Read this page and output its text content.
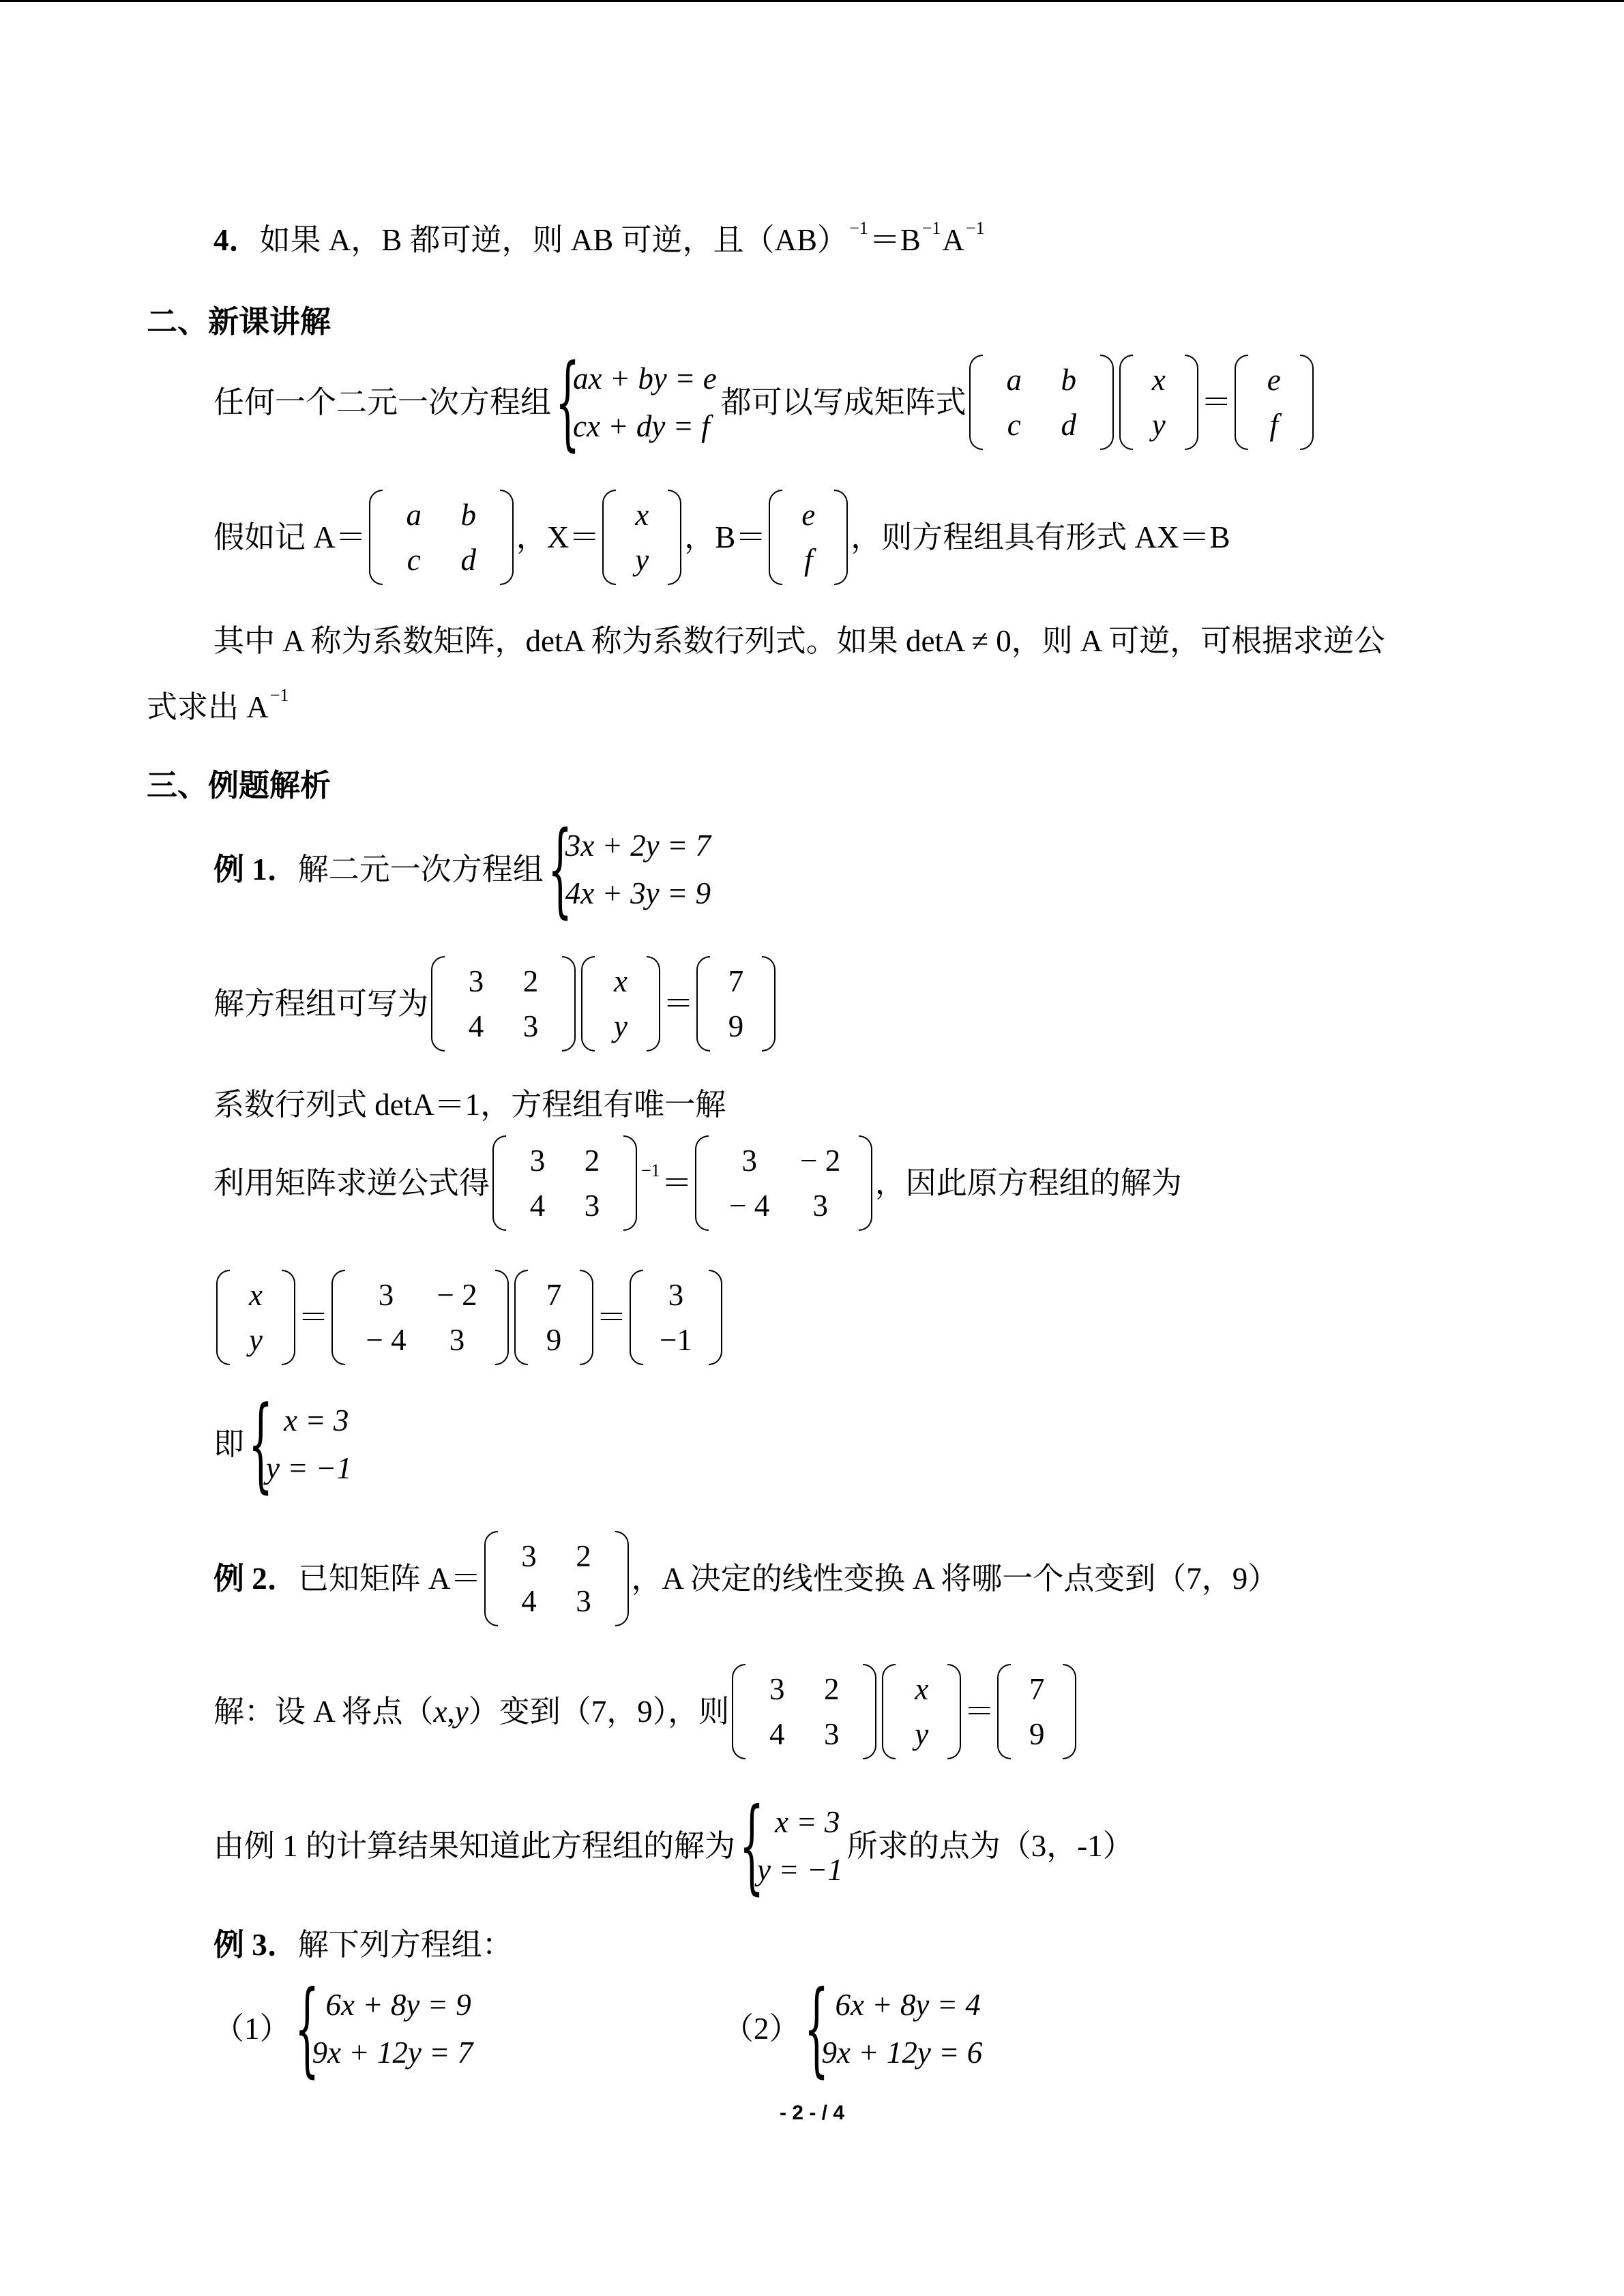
4． 如果 A，B 都可逆，则 AB 可逆，且（AB） −1 ＝B −1 A −1
二、新课讲解
任何一个二元一次方程组 {
ax + by = e
cx + dy = f
都可以写成矩阵式
a b
c d
x
y
＝
e
f
假如记 A＝
a b
c d
，X＝
x
y
，B＝
e
f
，则方程组具有形式 AX＝B
其中 A 称为系数矩阵，detA 称为系数行列式。如果 detA ≠ 0，则 A 可逆，可根据求逆公
式求出 A −1
三、例题解析
例 1 ． 解二元一次方程组 {
3x + 2y = 7
4x + 3y = 9
解方程组可写为
3 2
4 3
x
y
＝
7
9
系数行列式 detA＝1，方程组有唯一解
利用矩阵求逆公式得
3 2
4 3
−1 ＝
3 − 2
− 4 3
，因此原方程组的解为
x
y
＝
3 − 2
− 4 3
7
9
＝
3
−1
即 { x = 3
y = −1
例 2 ． 已知矩阵 A＝
3 2
4 3
，A 决定的线性变换 A 将哪一个点变到（7，9）
解：设 A 将点（ x , y ）变到（7，9），则
3 2
4 3
x
y
＝
7
9
由例 1 的计算结果知道此方程组的解为 { x = 3
y = −1
所求的点为（3，-1）
例 3 ． 解下列方程组：
（1） { 6x + 8y = 9
9x + 12y = 7
（2） { 6x + 8y = 4
9x + 12y = 6
- 2 - / 4
